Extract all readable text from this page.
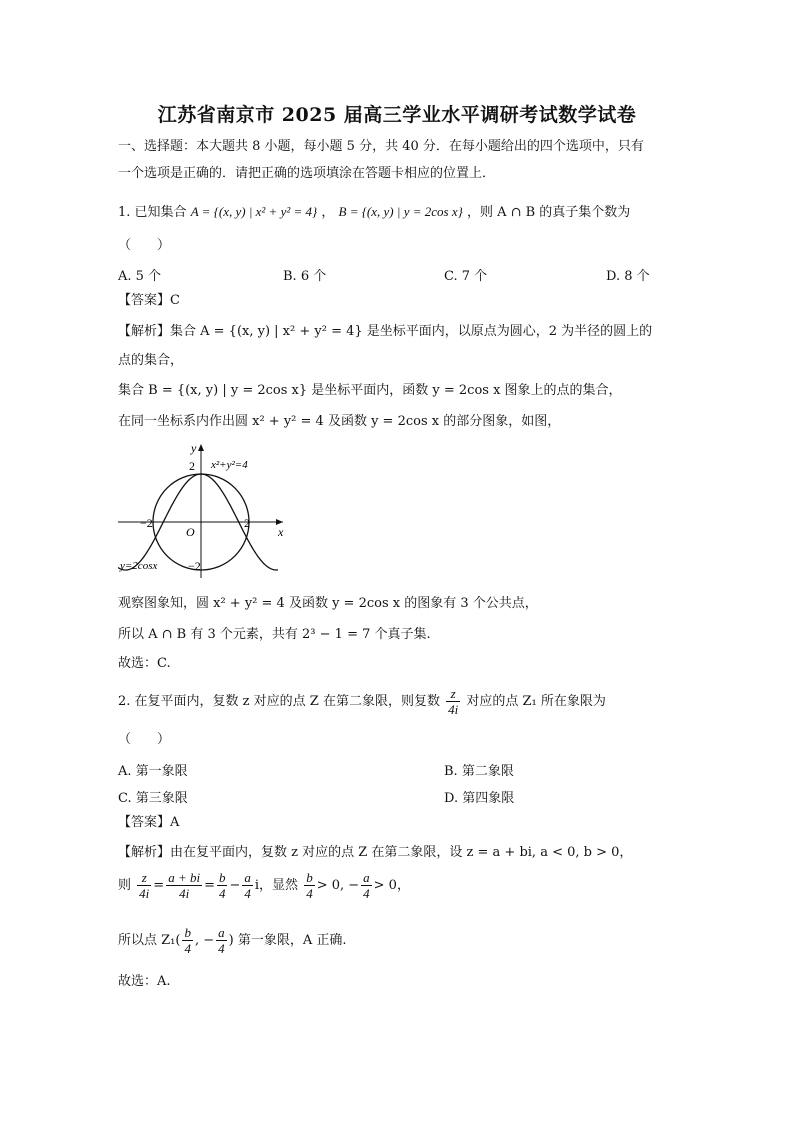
江苏省南京市 2025 届高三学业水平调研考试数学试卷
一、选择题：本大题共 8 小题，每小题 5 分，共 40 分．在每小题给出的四个选项中，只有
一个选项是正确的．请把正确的选项填涂在答题卡相应的位置上．
1. 已知集合 A = {(x, y) | x² + y² = 4} ， B = {(x, y) | y = 2cos x} ，则 A ∩ B 的真子集个数为
（　　）
A. 5 个	B. 6 个	C. 7 个	D. 8 个
【答案】C
【解析】集合 A = {(x, y) | x² + y² = 4} 是坐标平面内，以原点为圆心，2 为半径的圆上的
点的集合，
集合 B = {(x, y) | y = 2cos x} 是坐标平面内，函数 y = 2cos x 图象上的点的集合，
在同一坐标系内作出圆 x² + y² = 4 及函数 y = 2cos x 的部分图象，如图，
y
x
O
2
−2
−2	2
x²+y²=4
y=2cosx
观察图象知，圆 x² + y² = 4 及函数 y = 2cos x 的图象有 3 个公共点，
所以 A ∩ B 有 3 个元素，共有 2³ − 1 = 7 个真子集.
故选：C.
2. 在复平面内，复数 z 对应的点 Z 在第二象限，则复数 $\frac{z}{4i}$ 对应的点 Z₁ 所在象限为
（　　）
A. 第一象限	B. 第二象限
C. 第三象限	D. 第四象限
【答案】A
【解析】由在复平面内，复数 z 对应的点 Z 在第二象限，设 z = a + bi, a < 0, b > 0，
则 $\frac{z}{4i} = \frac{a + bi}{4i} = \frac{b}{4} - \frac{a}{4}$ i，显然 $\frac{b}{4} > 0$, − $\frac{a}{4} > 0$，
所以点 $Z_1( \frac{b}{4}$ , − $\frac{a}{4}$ ) 第一象限，A 正确.
故选：A.
